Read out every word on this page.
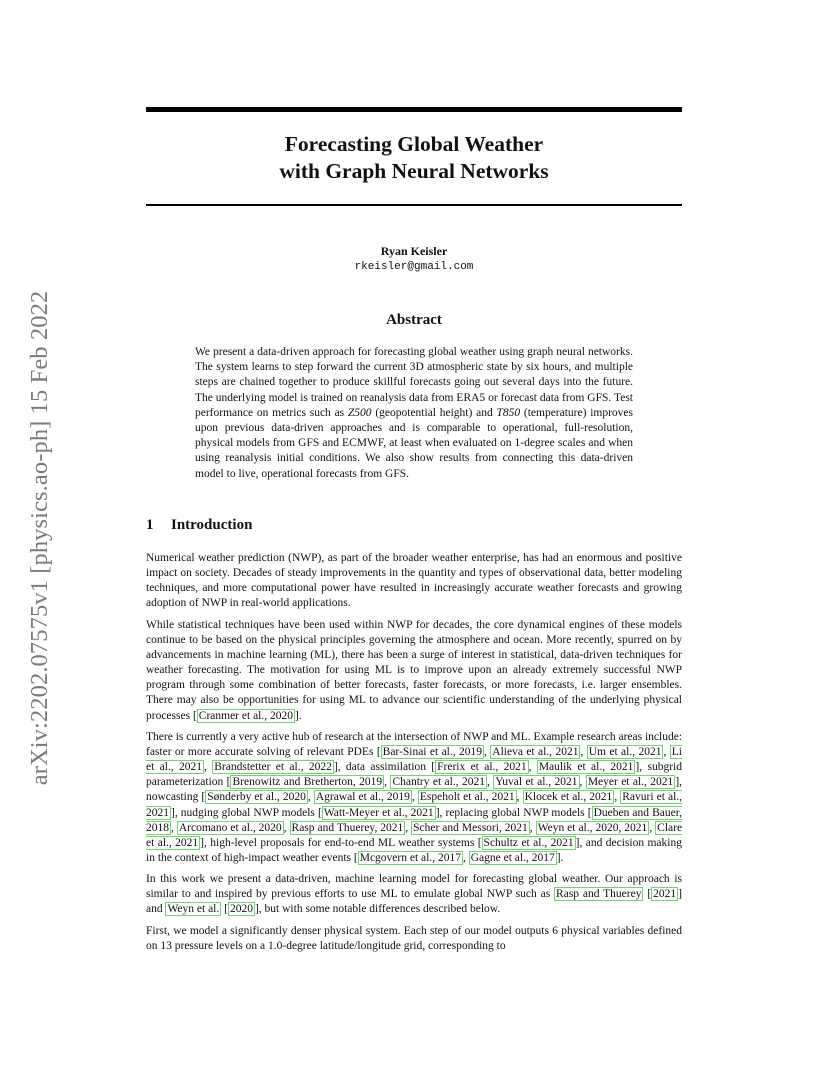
arXiv:2202.07575v1 [physics.ao-ph] 15 Feb 2022
Forecasting Global Weather
with Graph Neural Networks
Ryan Keisler
rkeisler@gmail.com
Abstract
We present a data-driven approach for forecasting global weather using graph neural networks. The system learns to step forward the current 3D atmospheric state by six hours, and multiple steps are chained together to produce skillful forecasts going out several days into the future. The underlying model is trained on reanalysis data from ERA5 or forecast data from GFS. Test performance on metrics such as Z500 (geopotential height) and T850 (temperature) improves upon previous data-driven approaches and is comparable to operational, full-resolution, physical models from GFS and ECMWF, at least when evaluated on 1-degree scales and when using reanalysis initial conditions. We also show results from connecting this data-driven model to live, operational forecasts from GFS.
1 Introduction

Numerical weather prediction (NWP), as part of the broader weather enterprise, has had an enormous and positive impact on society. Decades of steady improvements in the quantity and types of observational data, better modeling techniques, and more computational power have resulted in increasingly accurate weather forecasts and growing adoption of NWP in real-world applications.

While statistical techniques have been used within NWP for decades, the core dynamical engines of these models continue to be based on the physical principles governing the atmosphere and ocean. More recently, spurred on by advancements in machine learning (ML), there has been a surge of interest in statistical, data-driven techniques for weather forecasting. The motivation for using ML is to improve upon an already extremely successful NWP program through some combination of better forecasts, faster forecasts, or more forecasts, i.e. larger ensembles. There may also be opportunities for using ML to advance our scientific understanding of the underlying physical processes [ Cranmer et al., 2020 ].

There is currently a very active hub of research at the intersection of NWP and ML. Example research areas include: faster or more accurate solving of relevant PDEs [ Bar-Sinai et al., 2019 , Alieva et al., 2021 , Um et al., 2021 , Li et al., 2021 , Brandstetter et al., 2022 ], data assimilation [ Frerix et al., 2021 , Maulik et al., 2021 ], subgrid parameterization [ Brenowitz and Bretherton, 2019 , Chantry et al., 2021 , Yuval et al., 2021 , Meyer et al., 2021 ], nowcasting [ Sønderby et al., 2020 , Agrawal et al., 2019 , Espeholt et al., 2021 , Klocek et al., 2021 , Ravuri et al., 2021 ], nudging global NWP models [ Watt-Meyer et al., 2021 ], replacing global NWP models [ Dueben and Bauer, 2018 , Arcomano et al., 2020 , Rasp and Thuerey, 2021 , Scher and Messori, 2021 , Weyn et al., 2020, 2021 , Clare et al., 2021 ], high-level proposals for end-to-end ML weather systems [ Schultz et al., 2021 ], and decision making in the context of high-impact weather events [ Mcgovern et al., 2017 , Gagne et al., 2017 ].

In this work we present a data-driven, machine learning model for forecasting global weather. Our approach is similar to and inspired by previous efforts to use ML to emulate global NWP such as Rasp and Thuerey [ 2021 ] and Weyn et al. [ 2020 ], but with some notable differences described below.

First, we model a significantly denser physical system. Each step of our model outputs 6 physical variables defined on 13 pressure levels on a 1.0-degree latitude/longitude grid, corresponding to
